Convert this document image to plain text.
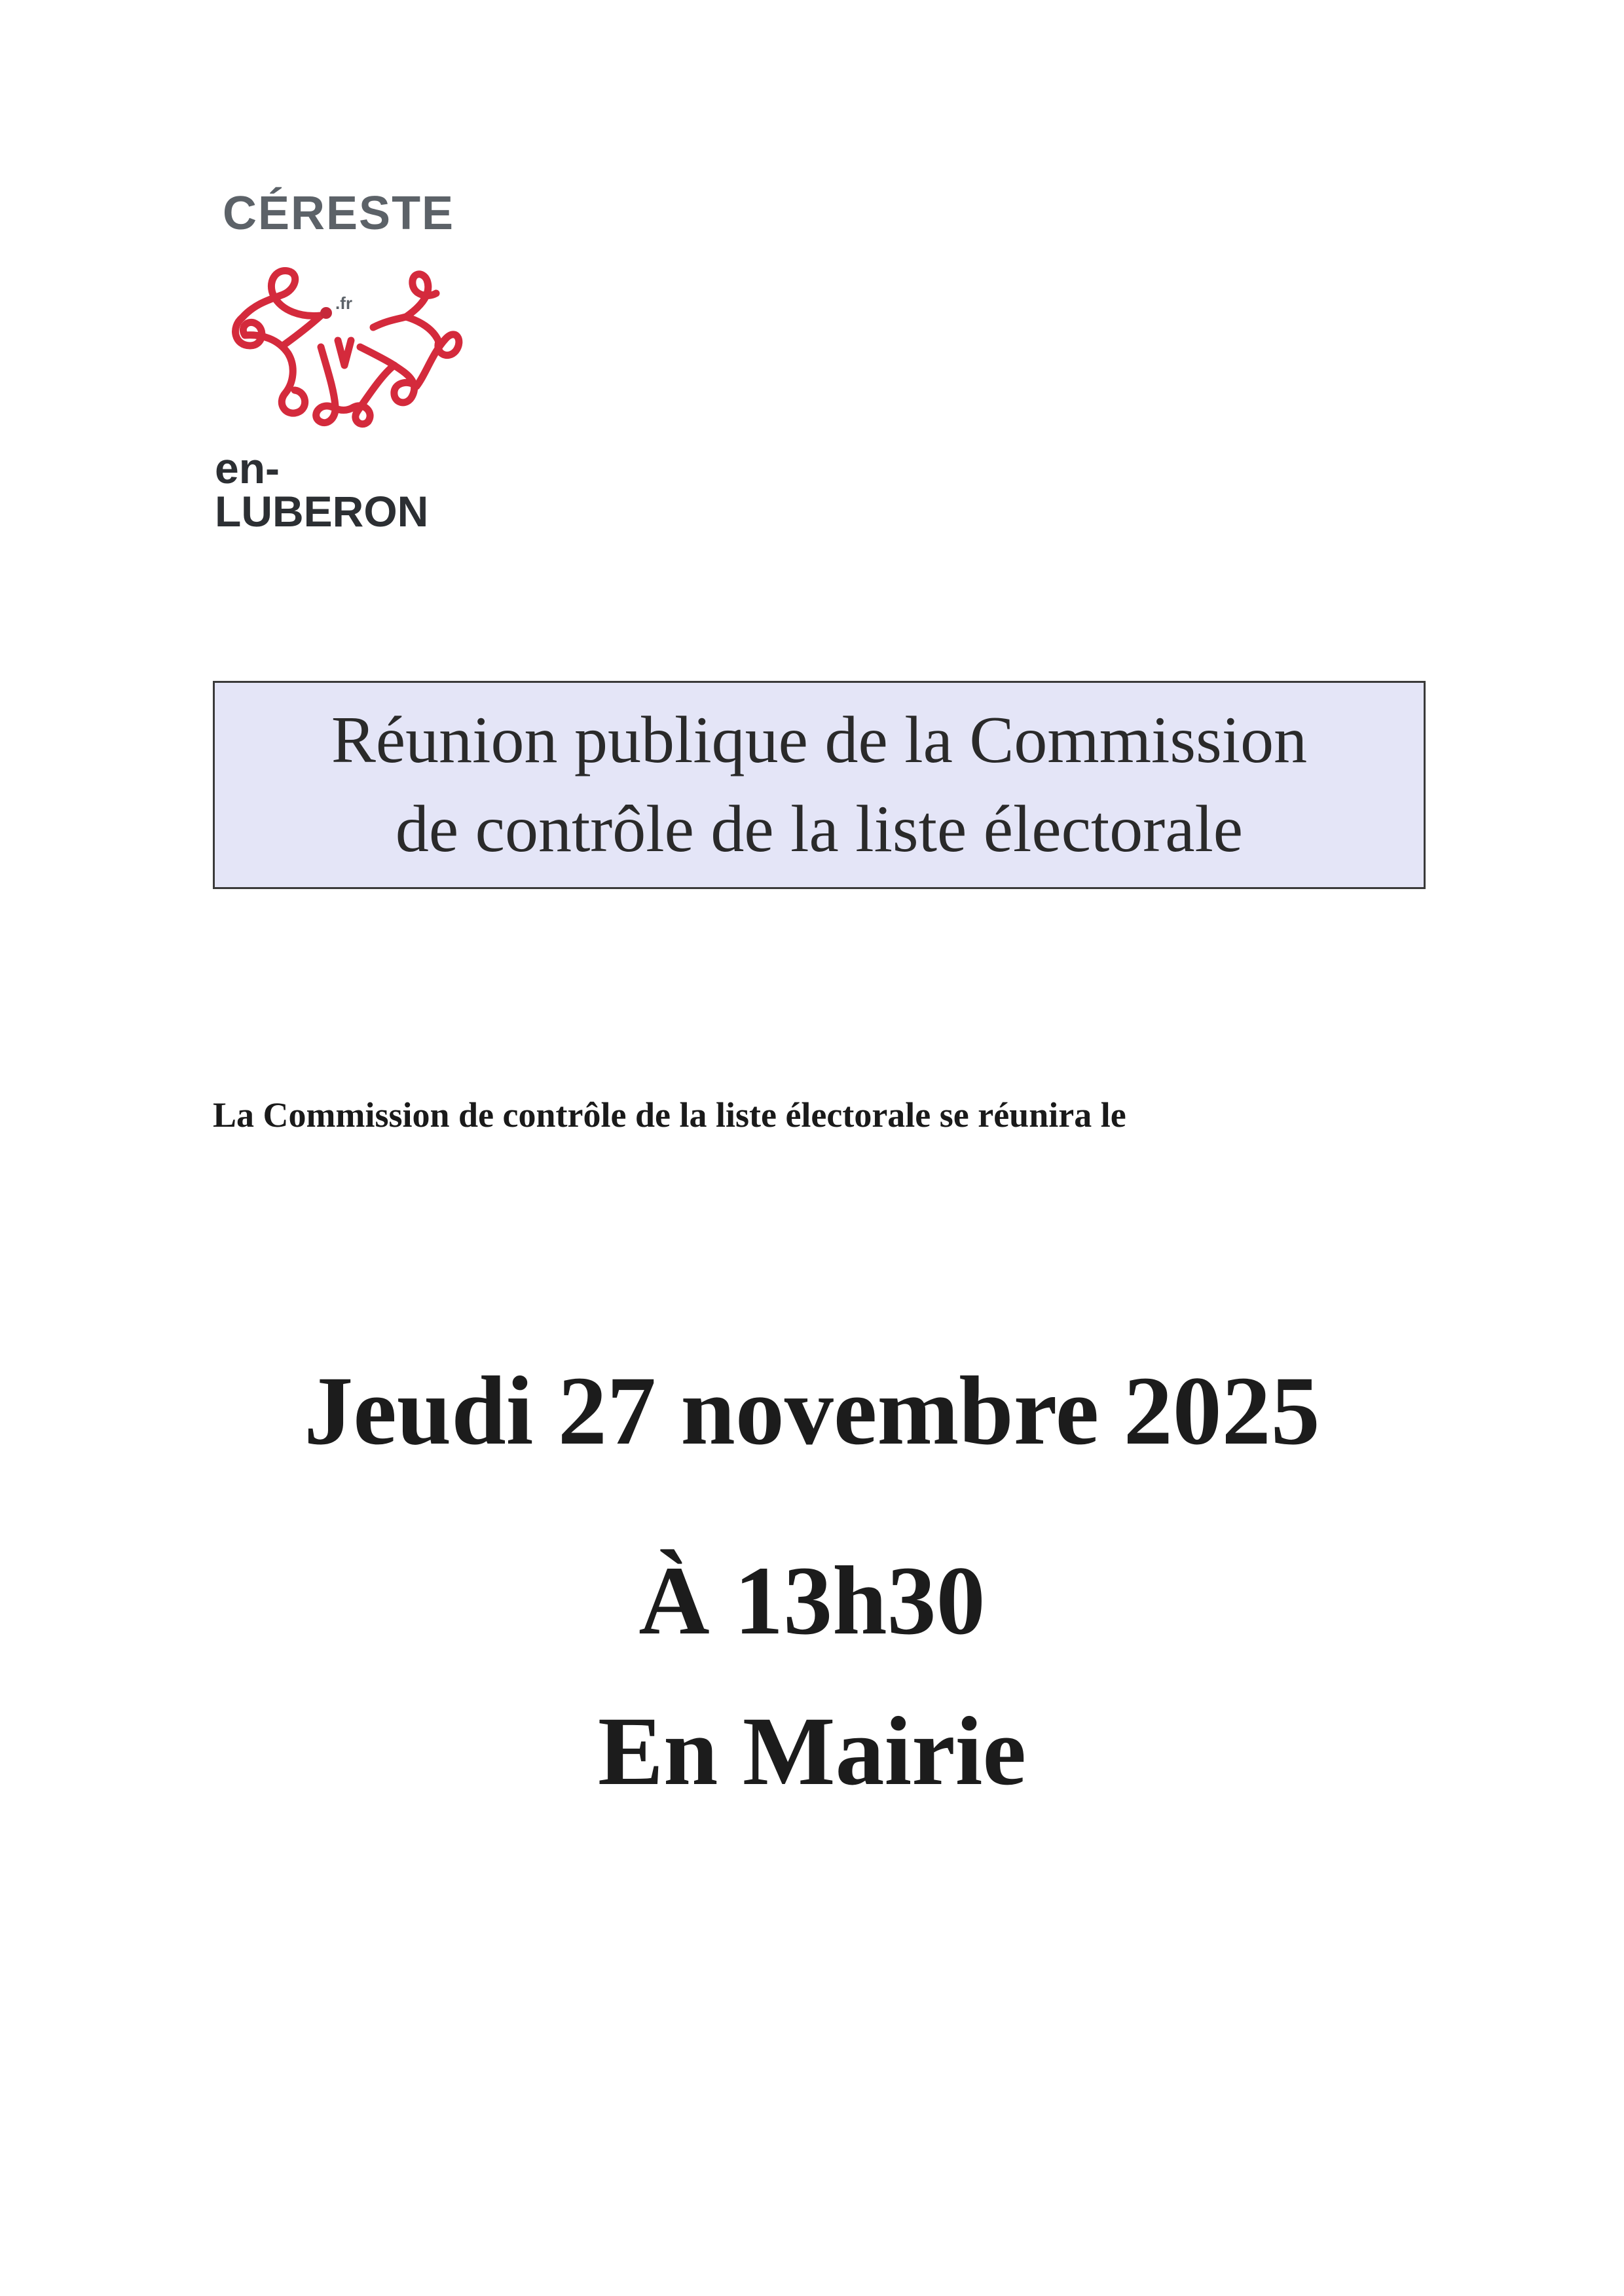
CÉRESTE
.fr
en-LUBERON
Réunion publique de la Commission
de contrôle de la liste électorale
La Commission de contrôle de la liste électorale se réunira le
Jeudi 27 novembre 2025
À 13h30
En Mairie
